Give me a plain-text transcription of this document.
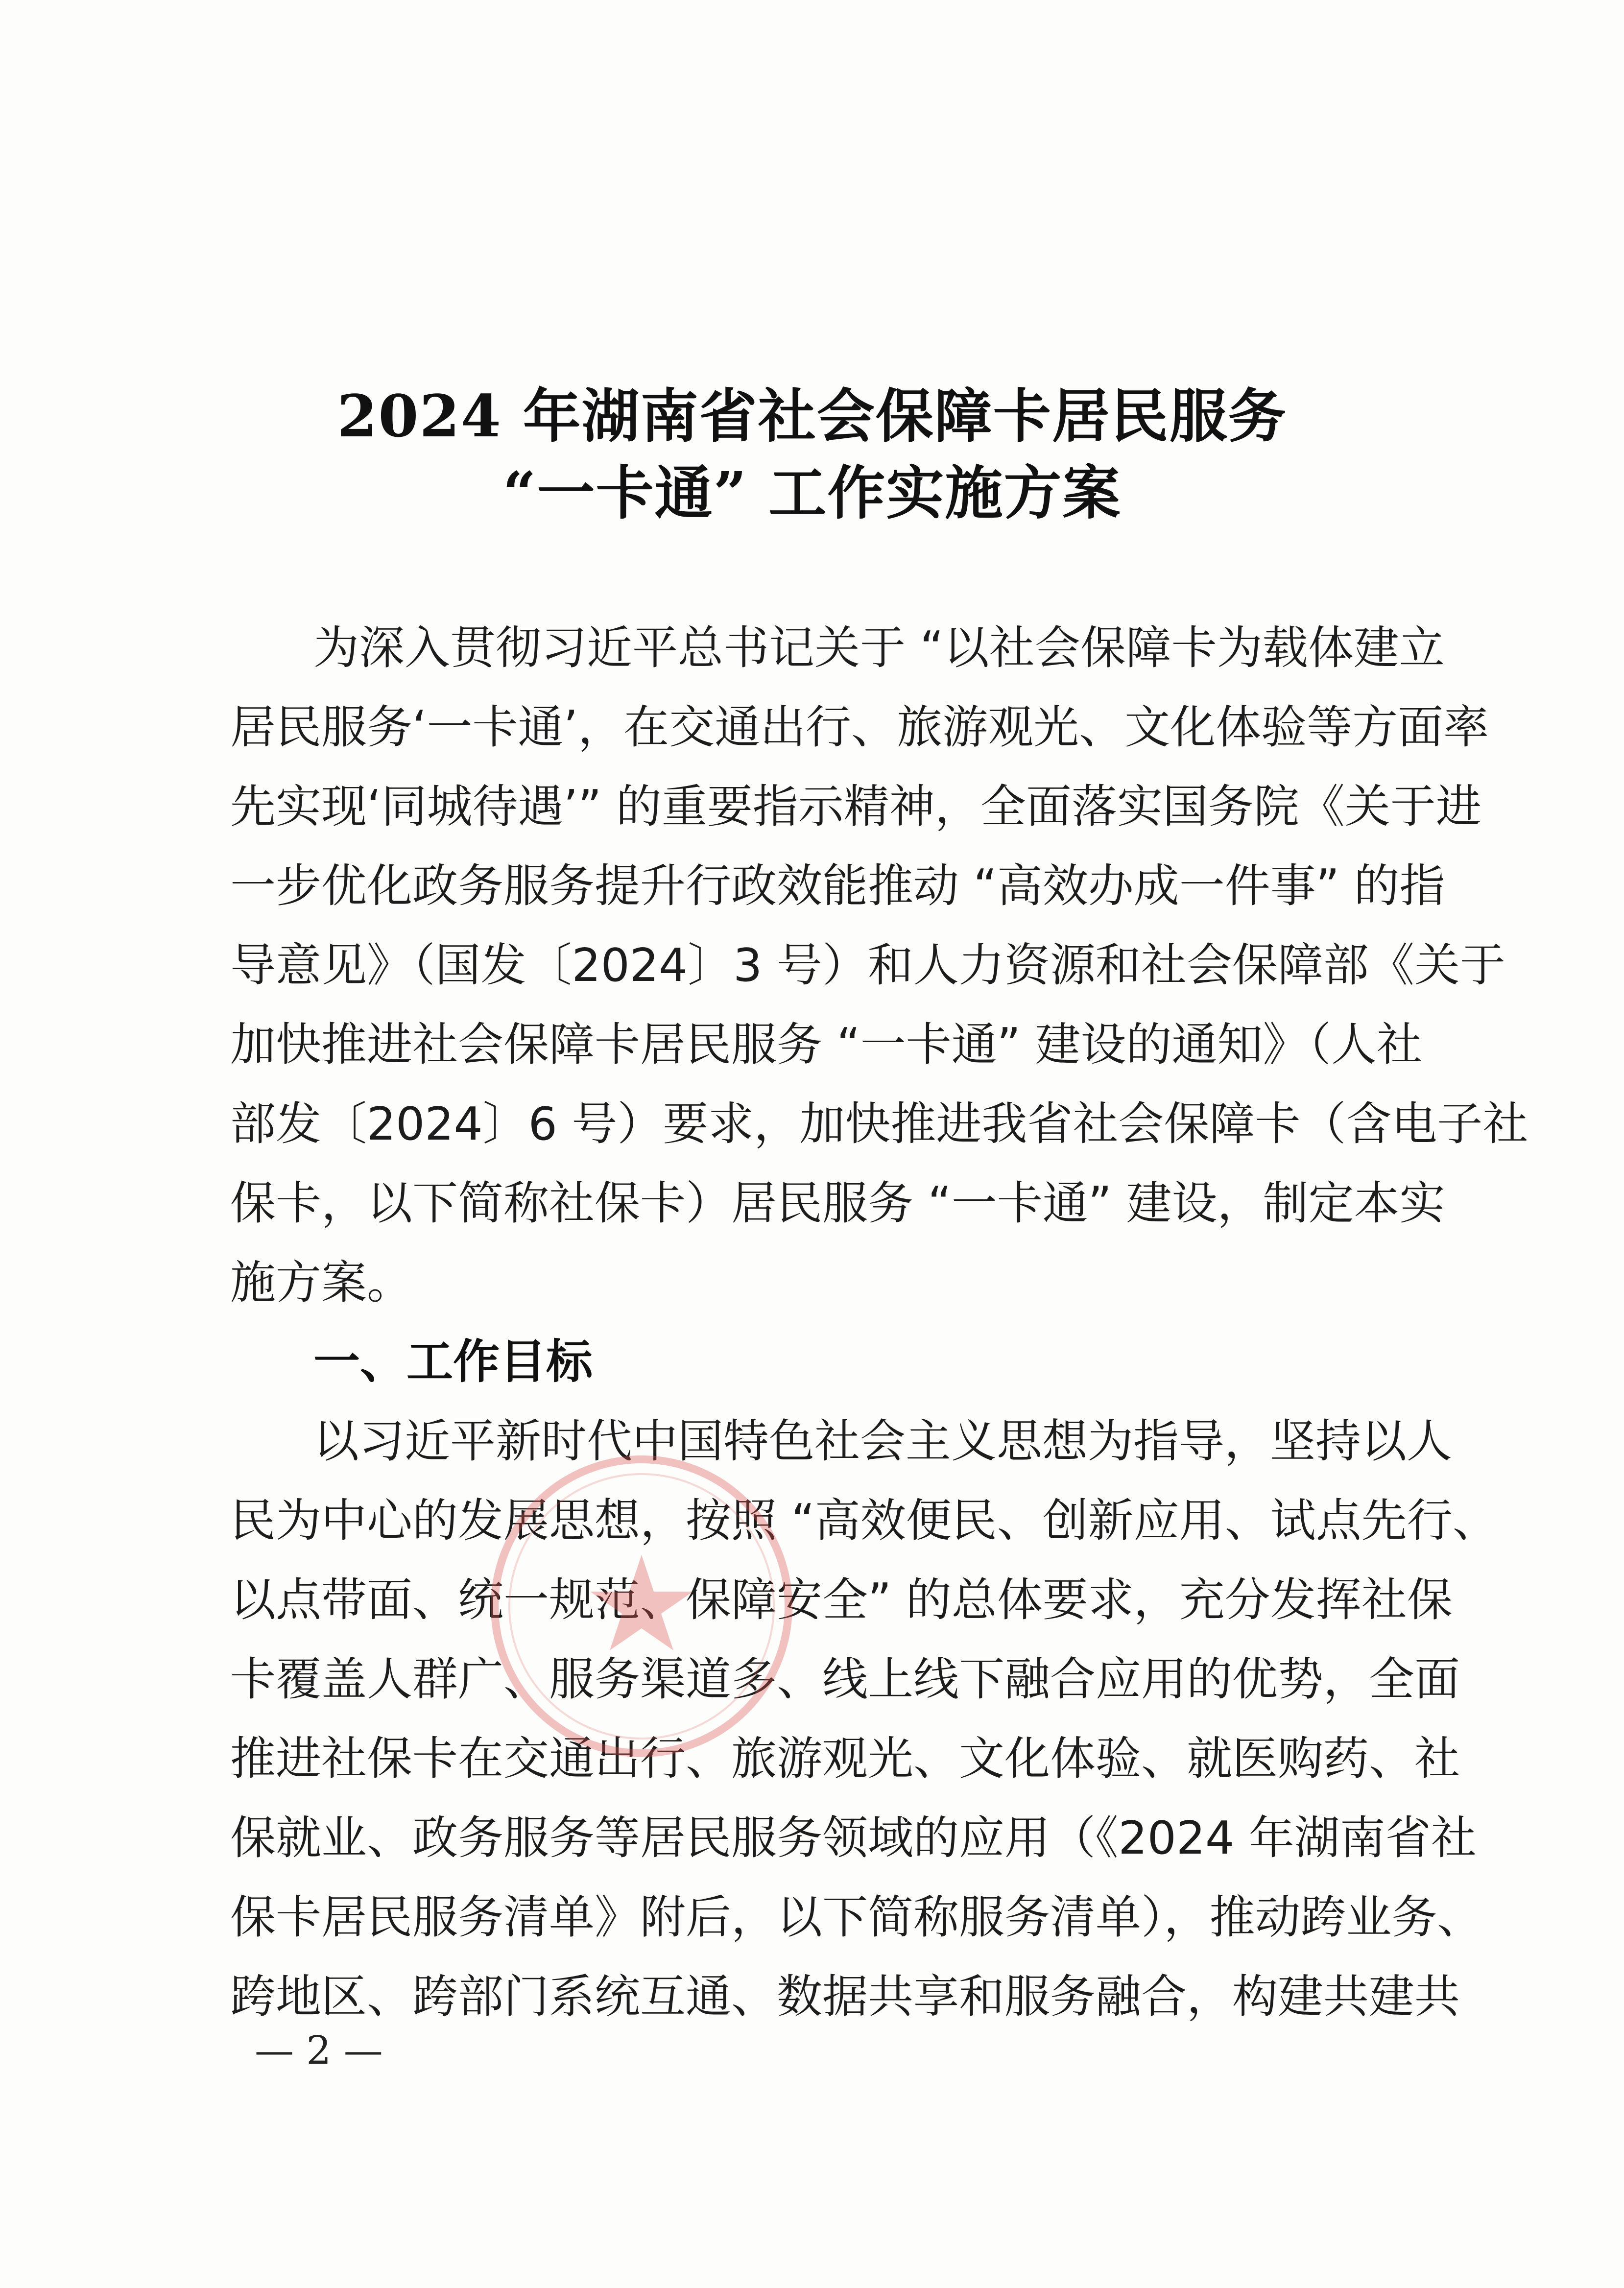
2024 年湖南省社会保障卡居民服务
“一卡通” 工作实施方案
为深入贯彻习近平总书记关于 “以社会保障卡为载体建立
居民服务‘一卡通’，在交通出行、旅游观光、文化体验等方面率
先实现‘同城待遇’” 的重要指示精神，全面落实国务院《关于进
一步优化政务服务提升行政效能推动 “高效办成一件事” 的指
导意见》（国发〔2024〕3 号）和人力资源和社会保障部《关于
加快推进社会保障卡居民服务 “一卡通” 建设的通知》（人社
部发〔2024〕6 号）要求，加快推进我省社会保障卡（含电子社
保卡，以下简称社保卡）居民服务 “一卡通” 建设，制定本实
施方案。
一、工作目标
以习近平新时代中国特色社会主义思想为指导，坚持以人
民为中心的发展思想，按照 “高效便民、创新应用、试点先行、
以点带面、统一规范、保障安全” 的总体要求，充分发挥社保
卡覆盖人群广、服务渠道多、线上线下融合应用的优势，全面
推进社保卡在交通出行、旅游观光、文化体验、就医购药、社
保就业、政务服务等居民服务领域的应用（《2024 年湖南省社
保卡居民服务清单》附后，以下简称服务清单），推动跨业务、
跨地区、跨部门系统互通、数据共享和服务融合，构建共建共
— 2 —
